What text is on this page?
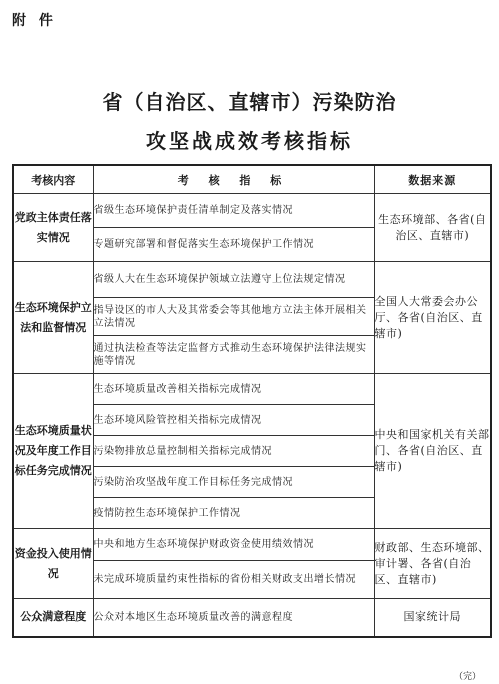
附 件
省（自治区、直辖市）污染防治
攻坚战成效考核指标
考核内容	考 核 指 标	数据来源
党政主体责任落实情况	省级生态环境保护责任清单制定及落实情况	生态环境部、各省(自治区、直辖市)
	专题研究部署和督促落实生态环境保护工作情况	
生态环境保护立法和监督情况	省级人大在生态环境保护领域立法遵守上位法规定情况	全国人大常委会办公厅、各省(自治区、直辖市)
	指导设区的市人大及其常委会等其他地方立法主体开展相关立法情况	
	通过执法检查等法定监督方式推动生态环境保护法律法规实施等情况	
生态环境质量状况及年度工作目标任务完成情况	生态环境质量改善相关指标完成情况	中央和国家机关有关部门、各省(自治区、直辖市)
	生态环境风险管控相关指标完成情况	
	污染物排放总量控制相关指标完成情况	
	污染防治攻坚战年度工作目标任务完成情况	
	疫情防控生态环境保护工作情况	
资金投入使用情况	中央和地方生态环境保护财政资金使用绩效情况	财政部、生态环境部、审计署、各省(自治区、直辖市)
	未完成环境质量约束性指标的省份相关财政支出增长情况	
公众满意程度	公众对本地区生态环境质量改善的满意程度	国家统计局
（完）
